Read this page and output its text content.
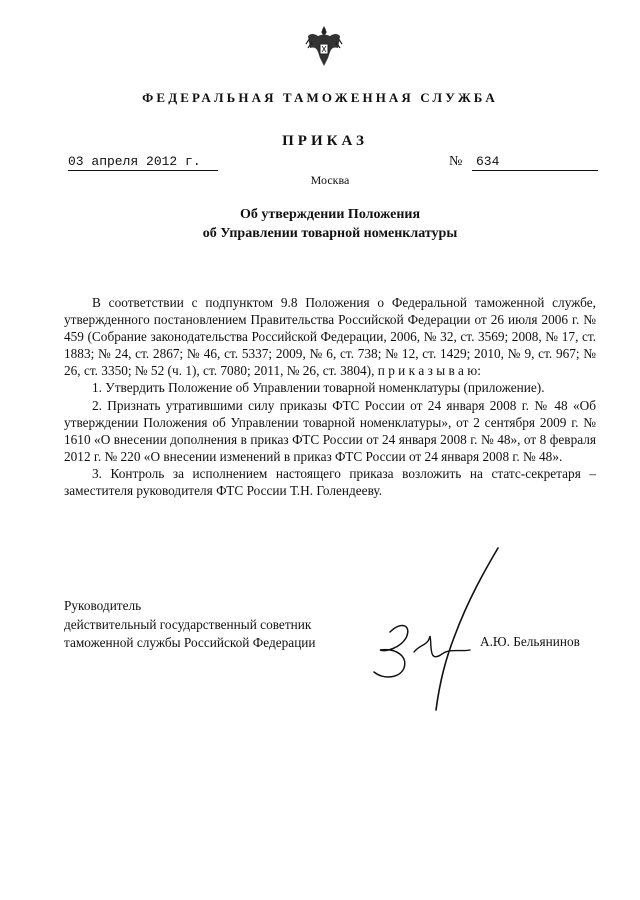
ФЕДЕРАЛЬНАЯ ТАМОЖЕННАЯ СЛУЖБА
ПРИКАЗ
03 апреля 2012 г.	№	634
Москва
Об утверждении Положения
об Управлении товарной номенклатуры

В соответствии с подпунктом 9.8 Положения о Федеральной таможенной службе, утвержденного постановлением Правительства Российской Федерации от 26 июля 2006 г. № 459 (Собрание законодательства Российской Федерации, 2006, № 32, ст. 3569; 2008, № 17, ст. 1883; № 24, ст. 2867; № 46, ст. 5337; 2009, № 6, ст. 738; № 12, ст. 1429; 2010, № 9, ст. 967; № 26, ст. 3350; № 52 (ч. 1), ст. 7080; 2011, № 26, ст. 3804), п р и к а з ы в а ю:

1. Утвердить Положение об Управлении товарной номенклатуры (приложение).

2. Признать утратившими силу приказы ФТС России от 24 января 2008 г. № 48 «Об утверждении Положения об Управлении товарной номенклатуры», от 2 сентября 2009 г. № 1610 «О внесении дополнения в приказ ФТС России от 24 января 2008 г. № 48», от 8 февраля 2012 г. № 220 «О внесении изменений в приказ ФТС России от 24 января 2008 г. № 48».

3. Контроль за исполнением настоящего приказа возложить на статс-секретаря – заместителя руководителя ФТС России Т.Н. Голендееву.

Руководитель
действительный государственный советник
таможенной службы Российской Федерации	А.Ю. Бельянинов
